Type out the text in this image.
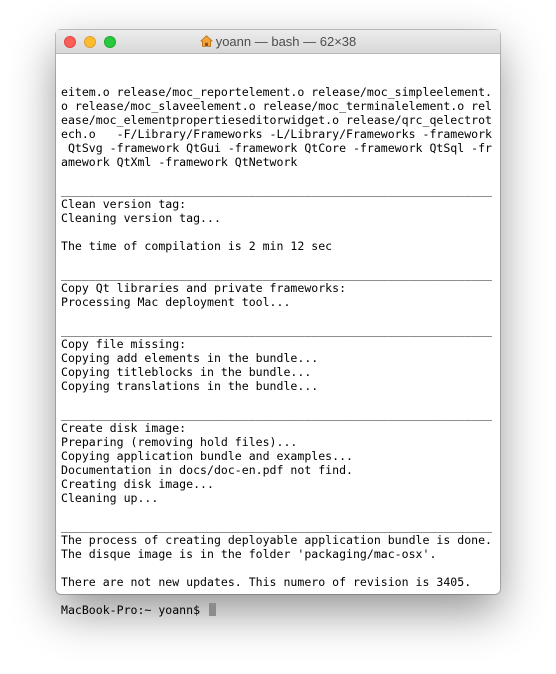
yoann — bash — 62×38

eitem.o release/moc_reportelement.o release/moc_simpleelement.
o release/moc_slaveelement.o release/moc_terminalelement.o rel
ease/moc_elementpropertieseditorwidget.o release/qrc_qelectrot
ech.o   -F/Library/Frameworks -L/Library/Frameworks -framework
QtSvg -framework QtGui -framework QtCore -framework QtSql -fr
amework QtXml -framework QtNetwork
______________________________________________________________
Clean version tag:
Cleaning version tag...
The time of compilation is 2 min 12 sec
______________________________________________________________
Copy Qt libraries and private frameworks:
Processing Mac deployment tool...
______________________________________________________________
Copy file missing:
Copying add elements in the bundle...
Copying titleblocks in the bundle...
Copying translations in the bundle...
______________________________________________________________
Create disk image:
Preparing (removing hold files)...
Copying application bundle and examples...
Documentation in docs/doc-en.pdf not find.
Creating disk image...
Cleaning up...
______________________________________________________________
The process of creating deployable application bundle is done.
The disque image is in the folder 'packaging/mac-osx'.
There are not new updates. This numero of revision is 3405.
MacBook-Pro:~ yoann$
